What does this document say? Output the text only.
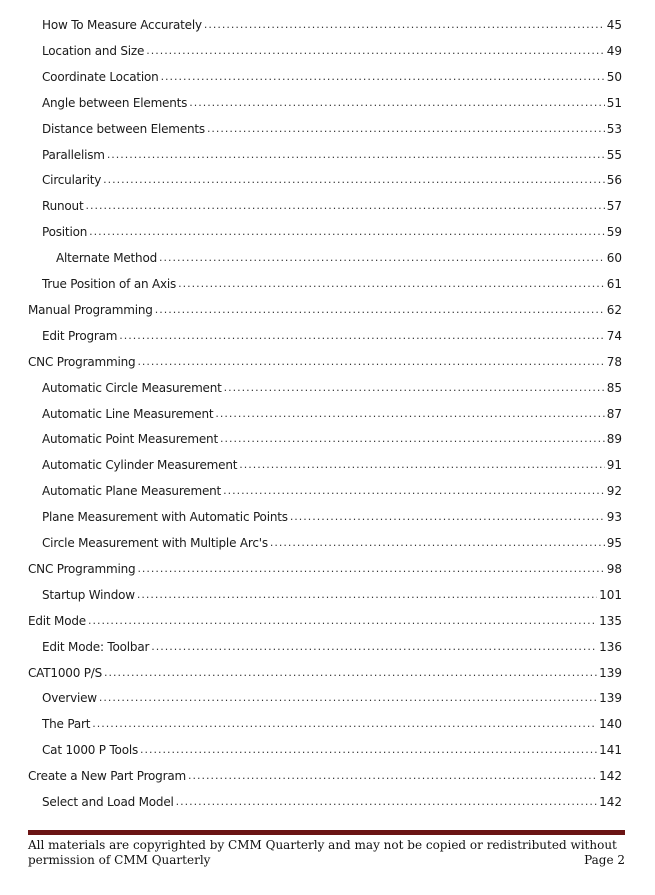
How To Measure Accurately .....	45
Location and Size .....	49
Coordinate Location .....	50
Angle between Elements .....	51
Distance between Elements .....	53
Parallelism .....	55
Circularity .....	56
Runout .....	57
Position .....	59
Alternate Method .....	60
True Position of an Axis .....	61
Manual Programming .....	62
Edit Program .....	74
CNC Programming .....	78
Automatic Circle Measurement .....	85
Automatic Line Measurement .....	87
Automatic Point Measurement .....	89
Automatic Cylinder Measurement .....	91
Automatic Plane Measurement .....	92
Plane Measurement with Automatic Points .....	93
Circle Measurement with Multiple Arc's .....	95
CNC Programming .....	98
Startup Window .....	101
Edit Mode .....	135
Edit Mode: Toolbar .....	136
CAT1000 P/S .....	139
Overview .....	139
The Part .....	140
Cat 1000 P Tools .....	141
Create a New Part Program .....	142
Select and Load Model .....	142
All materials are copyrighted by CMM Quarterly and may not be copied or redistributed without
permission of CMM Quarterly	Page 2
